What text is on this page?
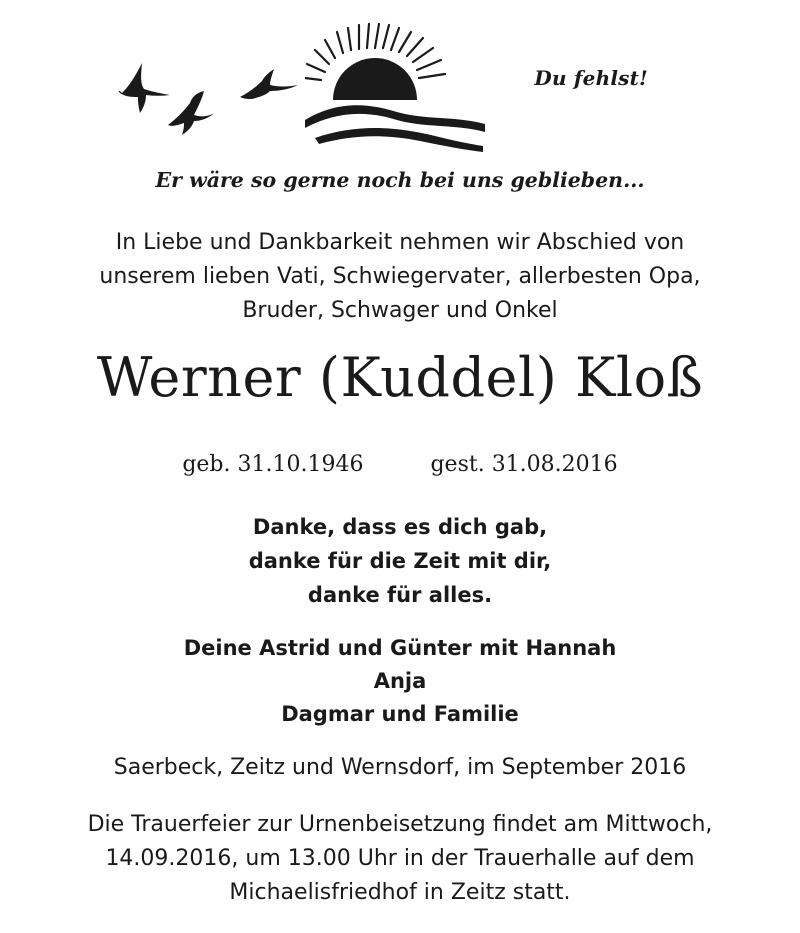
Du fehlst!
Er wäre so gerne noch bei uns geblieben...
In Liebe und Dankbarkeit nehmen wir Abschied von
unserem lieben Vati, Schwiegervater, allerbesten Opa,
Bruder, Schwager und Onkel
Werner (Kuddel) Kloß
geb. 31.10.1946	gest. 31.08.2016
Danke, dass es dich gab,
danke für die Zeit mit dir,
danke für alles.
Deine Astrid und Günter mit Hannah
Anja
Dagmar und Familie
Saerbeck, Zeitz und Wernsdorf, im September 2016
Die Trauerfeier zur Urnenbeisetzung findet am Mittwoch,
14.09.2016, um 13.00 Uhr in der Trauerhalle auf dem
Michaelisfriedhof in Zeitz statt.
